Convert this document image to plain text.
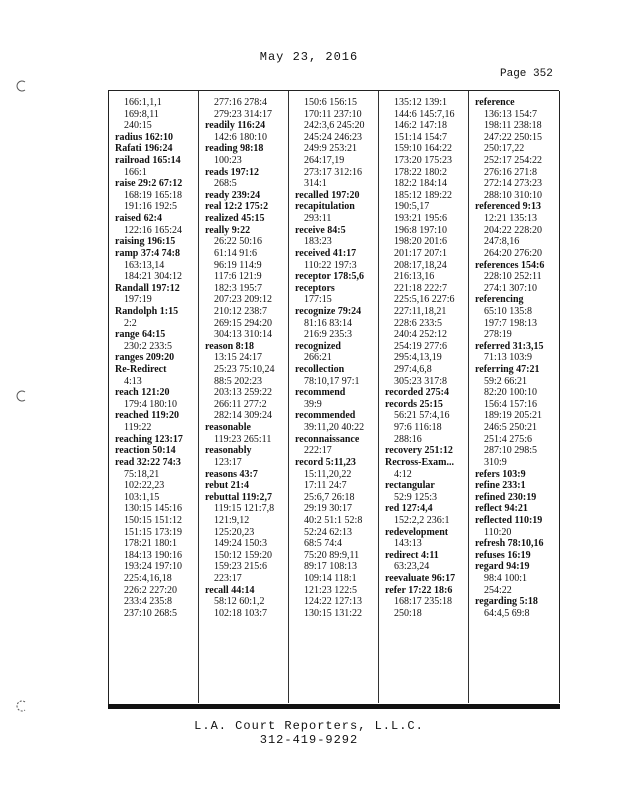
May 23, 2016
Page 352
166:1,1,1
169:8,11
240:15
radius 162:10
Rafati 196:24
railroad 165:14
166:1
raise 29:2 67:12
168:19 165:18
191:16 192:5
raised 62:4
122:16 165:24
raising 196:15
ramp 37:4 74:8
163:13,14
184:21 304:12
Randall 197:12
197:19
Randolph 1:15
2:2
range 64:15
230:2 233:5
ranges 209:20
Re-Redirect
4:13
reach 121:20
179:4 180:10
reached 119:20
119:22
reaching 123:17
reaction 50:14
read 32:22 74:3
75:18,21
102:22,23
103:1,15
130:15 145:16
150:15 151:12
151:15 173:19
178:21 180:1
184:13 190:16
193:24 197:10
225:4,16,18
226:2 227:20
233:4 235:8
237:10 268:5
277:16 278:4
279:23 314:17
readily 116:24
142:6 180:10
reading 98:18
100:23
reads 197:12
268:5
ready 239:24
real 12:2 175:2
realized 45:15
really 9:22
26:22 50:16
61:14 91:6
96:19 114:9
117:6 121:9
182:3 195:7
207:23 209:12
210:12 238:7
269:15 294:20
304:13 310:14
reason 8:18
13:15 24:17
25:23 75:10,24
88:5 202:23
203:13 259:22
266:11 277:2
282:14 309:24
reasonable
119:23 265:11
reasonably
123:17
reasons 43:7
rebut 21:4
rebuttal 119:2,7
119:15 121:7,8
121:9,12
125:20,23
149:24 150:3
150:12 159:20
159:23 215:6
223:17
recall 44:14
58:12 60:1,2
102:18 103:7
150:6 156:15
170:11 237:10
242:3,6 245:20
245:24 246:23
249:9 253:21
264:17,19
273:17 312:16
314:1
recalled 197:20
recapitulation
293:11
receive 84:5
183:23
received 41:17
110:22 197:3
receptor 178:5,6
receptors
177:15
recognize 79:24
81:16 83:14
216:9 235:3
recognized
266:21
recollection
78:10,17 97:1
recommend
39:9
recommended
39:11,20 40:22
reconnaissance
222:17
record 5:11,23
15:11,20,22
17:11 24:7
25:6,7 26:18
29:19 30:17
40:2 51:1 52:8
52:24 62:13
68:5 74:4
75:20 89:9,11
89:17 108:13
109:14 118:1
121:23 122:5
124:22 127:13
130:15 131:22
135:12 139:1
144:6 145:7,16
146:2 147:18
151:14 154:7
159:10 164:22
173:20 175:23
178:22 180:2
182:2 184:14
185:12 189:22
190:5,17
193:21 195:6
196:8 197:10
198:20 201:6
201:17 207:1
208:17,18,24
216:13,16
221:18 222:7
225:5,16 227:6
227:11,18,21
228:6 233:5
240:4 252:12
254:19 277:6
295:4,13,19
297:4,6,8
305:23 317:8
recorded 275:4
records 25:15
56:21 57:4,16
97:6 116:18
288:16
recovery 251:12
Recross-Exam...
4:12
rectangular
52:9 125:3
red 127:4,4
152:2,2 236:1
redevelopment
143:13
redirect 4:11
63:23,24
reevaluate 96:17
refer 17:22 18:6
168:17 235:18
250:18
reference
136:13 154:7
198:11 238:18
247:22 250:15
250:17,22
252:17 254:22
276:16 271:8
272:14 273:23
288:10 310:10
referenced 9:13
12:21 135:13
204:22 228:20
247:8,16
264:20 276:20
references 154:6
228:10 252:11
274:1 307:10
referencing
65:10 135:8
197:7 198:13
278:19
referred 31:3,15
71:13 103:9
referring 47:21
59:2 66:21
82:20 100:10
156:4 157:16
189:19 205:21
246:5 250:21
251:4 275:6
287:10 298:5
310:9
refers 103:9
refine 233:1
refined 230:19
reflect 94:21
reflected 110:19
110:20
refresh 78:10,16
refuses 16:19
regard 94:19
98:4 100:1
254:22
regarding 5:18
64:4,5 69:8
L.A. Court Reporters, L.L.C.
312-419-9292
